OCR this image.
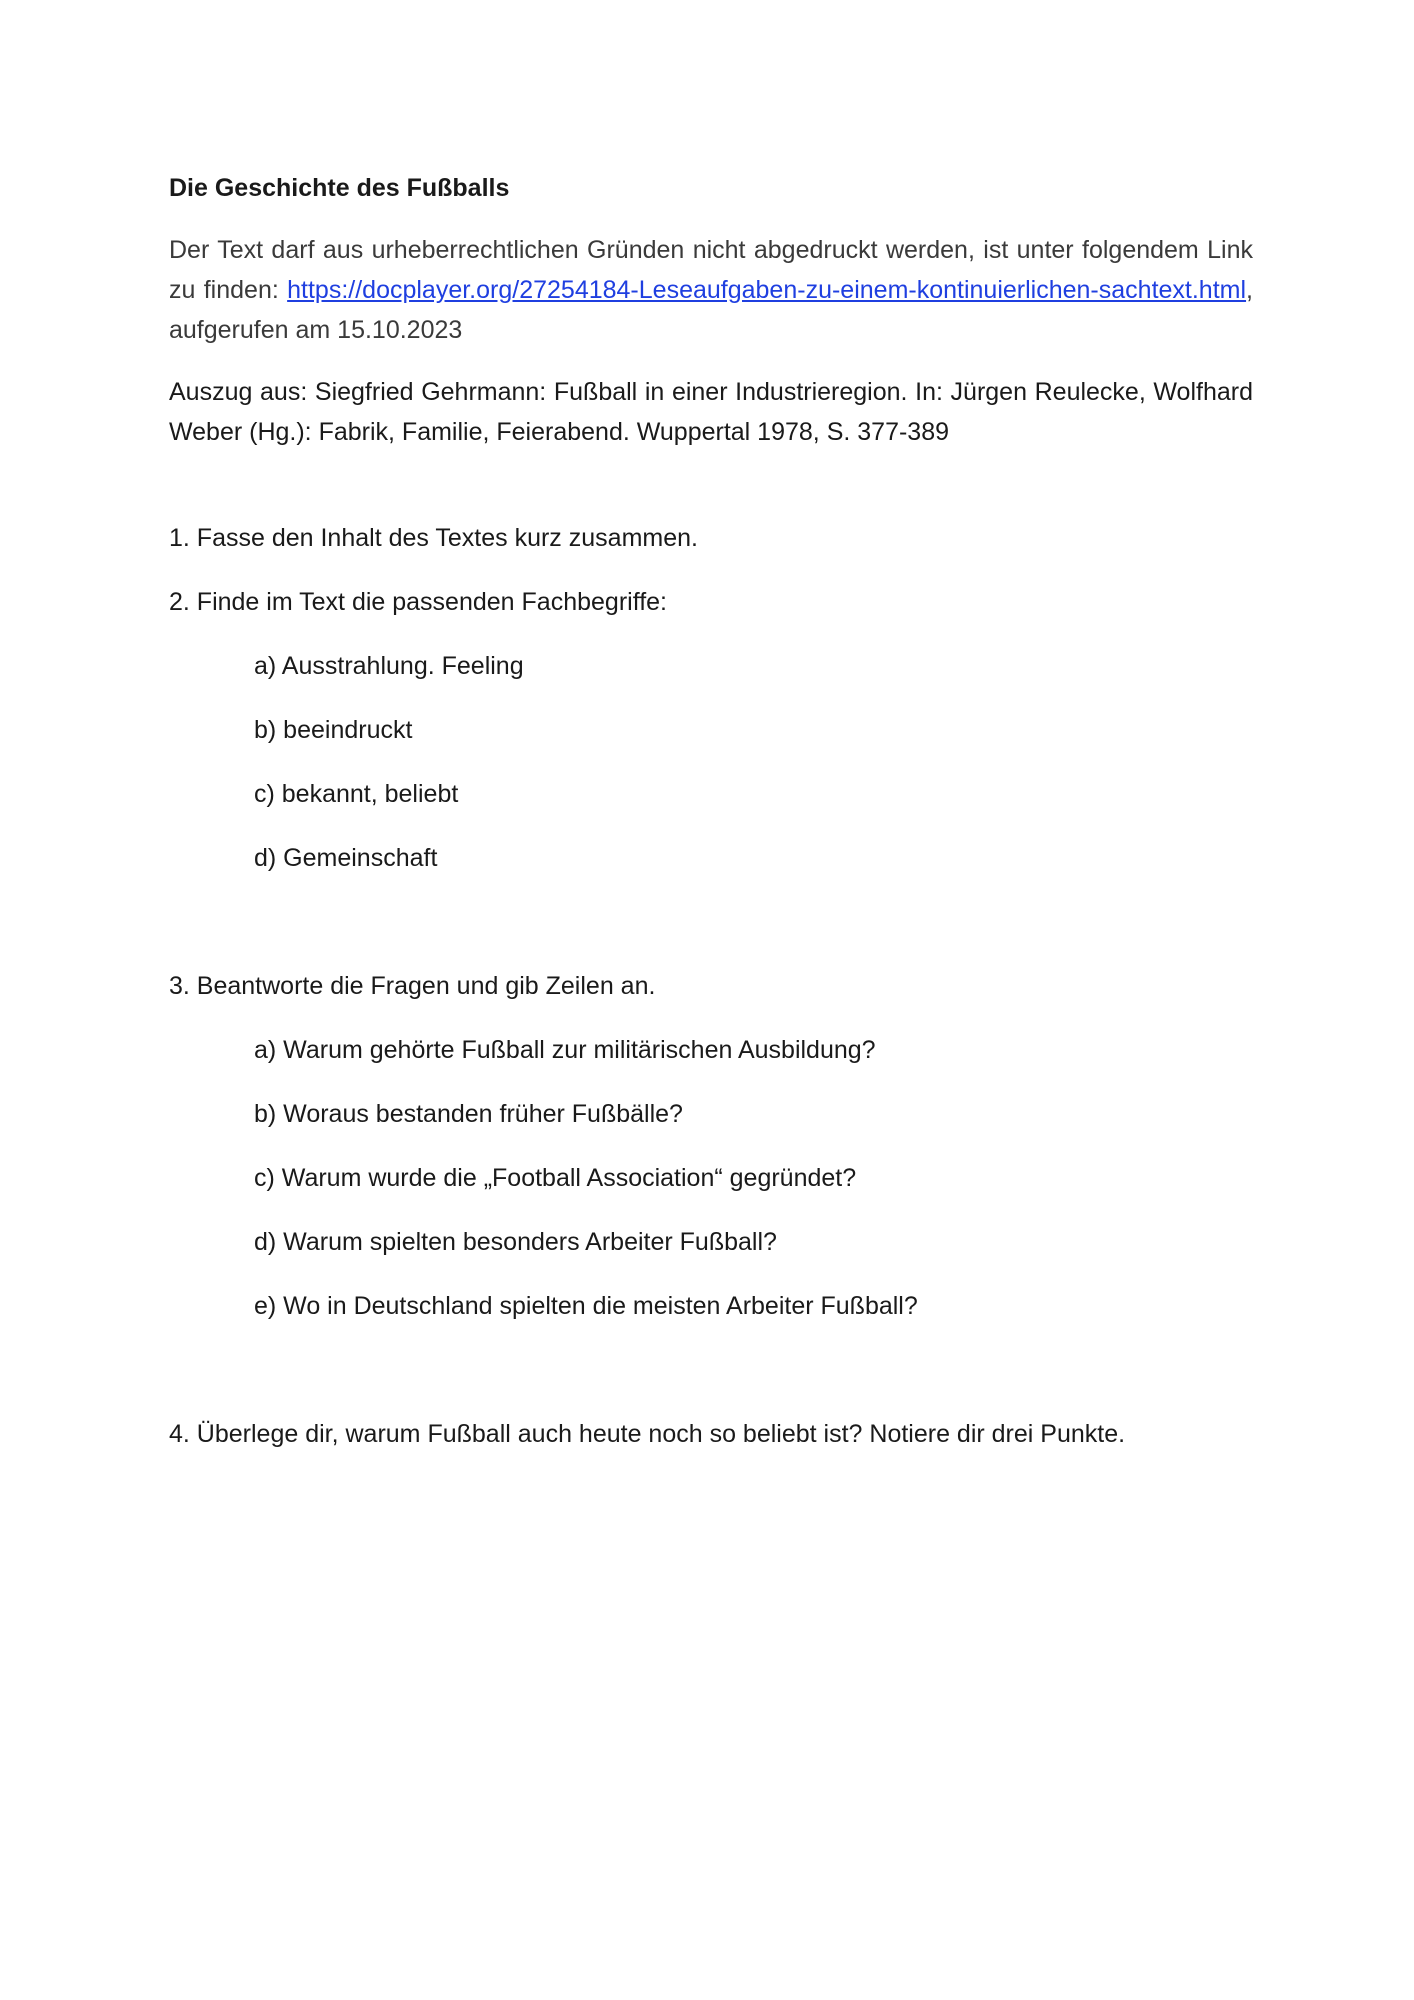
Die Geschichte des Fußballs

Der Text darf aus urheberrechtlichen Gründen nicht abgedruckt werden, ist unter folgendem Link zu finden: https://docplayer.org/27254184-Leseaufgaben-zu-einem-kontinuierlichen-sachtext.html, aufgerufen am 15.10.2023

Auszug aus: Siegfried Gehrmann: Fußball in einer Industrieregion. In: Jürgen Reulecke, Wolfhard Weber (Hg.): Fabrik, Familie, Feierabend. Wuppertal 1978, S. 377-389

1. Fasse den Inhalt des Textes kurz zusammen.

2. Finde im Text die passenden Fachbegriffe:

a) Ausstrahlung. Feeling
b) beeindruckt
c) bekannt, beliebt
d) Gemeinschaft

3. Beantworte die Fragen und gib Zeilen an.

a) Warum gehörte Fußball zur militärischen Ausbildung?
b) Woraus bestanden früher Fußbälle?
c) Warum wurde die „Football Association“ gegründet?
d) Warum spielten besonders Arbeiter Fußball?
e) Wo in Deutschland spielten die meisten Arbeiter Fußball?

4. Überlege dir, warum Fußball auch heute noch so beliebt ist? Notiere dir drei Punkte.
